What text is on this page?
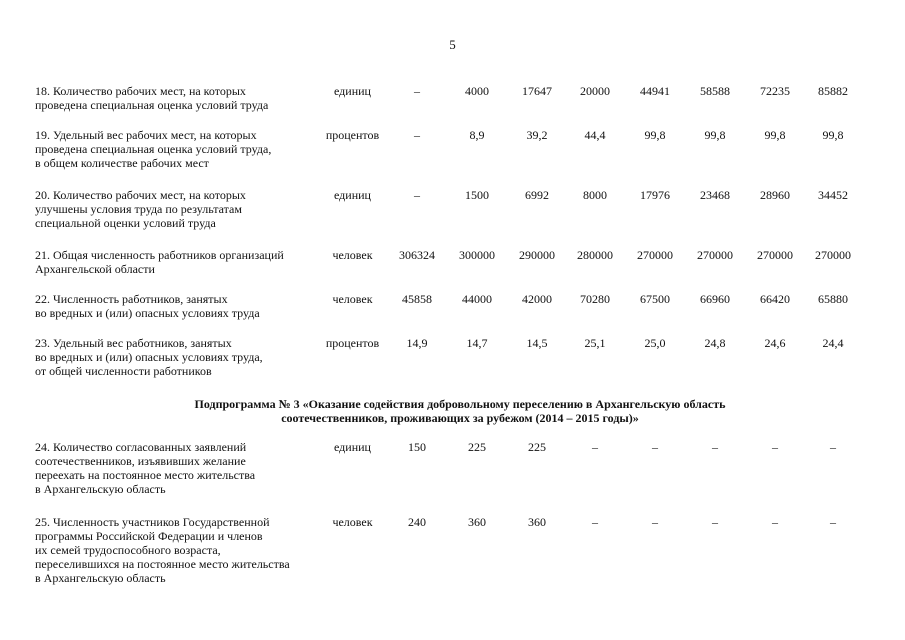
5
18. Количество рабочих мест, на которых
проведена специальная оценка условий труда
единиц	–	4000	17647	20000	44941	58588	72235	85882
19. Удельный вес рабочих мест, на которых
проведена специальная оценка условий труда,
в общем количестве рабочих мест
процентов	–	8,9	39,2	44,4	99,8	99,8	99,8	99,8
20. Количество рабочих мест, на которых
улучшены условия труда по результатам
специальной оценки условий труда
единиц	–	1500	6992	8000	17976	23468	28960	34452
21. Общая численность работников организаций
Архангельской области
человек	306324	300000	290000	280000	270000	270000	270000	270000
22. Численность работников, занятых
во вредных и (или) опасных условиях труда
человек	45858	44000	42000	70280	67500	66960	66420	65880
23. Удельный вес работников, занятых
во вредных и (или) опасных условиях труда,
от общей численности работников
процентов	14,9	14,7	14,5	25,1	25,0	24,8	24,6	24,4
Подпрограмма № 3 «Оказание содействия добровольному переселению в Архангельскую область
соотечественников, проживающих за рубежом (2014 – 2015 годы)»
24. Количество согласованных заявлений
соотечественников, изъявивших желание
переехать на постоянное место жительства
в Архангельскую область
единиц	150	225	225	–	–	–	–	–
25. Численность участников Государственной
программы Российской Федерации и членов
их семей трудоспособного возраста,
переселившихся на постоянное место жительства
в Архангельскую область
человек	240	360	360	–	–	–	–	–
